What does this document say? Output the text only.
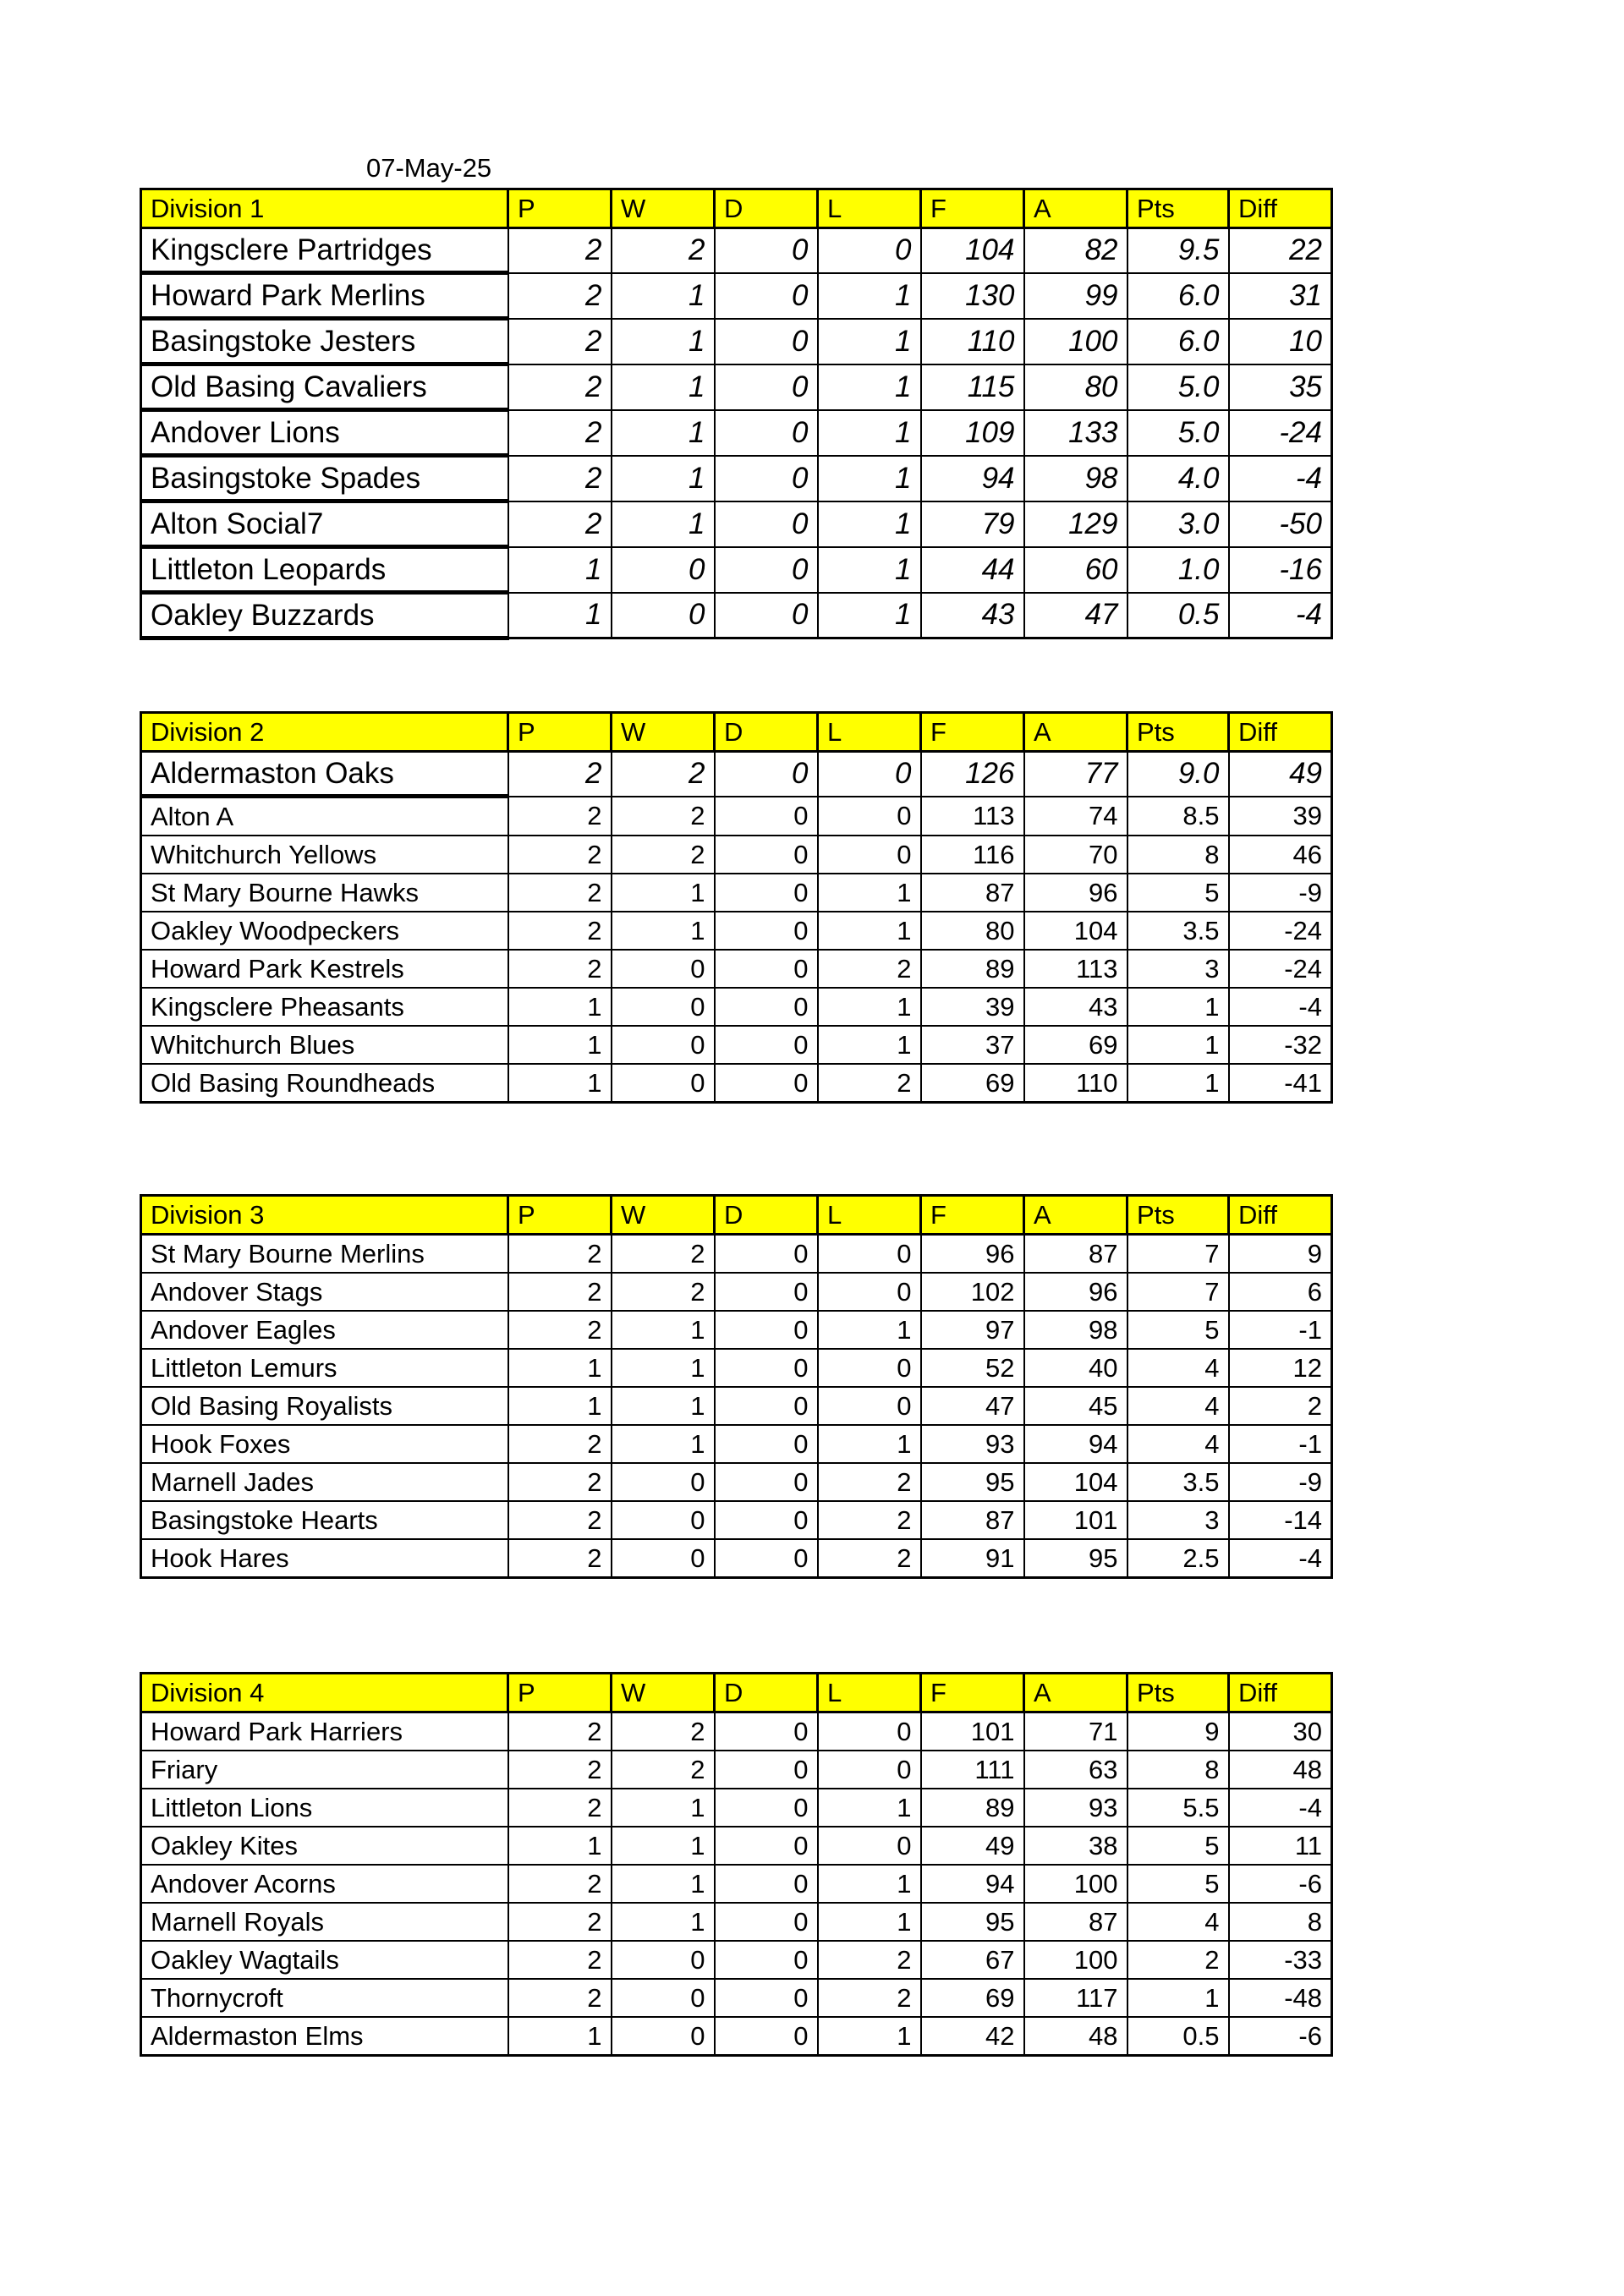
07-May-25
Division 1	P	W	D	L	F	A	Pts	Diff
Kingsclere Partridges	2	2	0	0	104	82	9.5	22
Howard Park Merlins	2	1	0	1	130	99	6.0	31
Basingstoke Jesters	2	1	0	1	110	100	6.0	10
Old Basing Cavaliers	2	1	0	1	115	80	5.0	35
Andover Lions	2	1	0	1	109	133	5.0	-24
Basingstoke Spades	2	1	0	1	94	98	4.0	-4
Alton Social7	2	1	0	1	79	129	3.0	-50
Littleton Leopards	1	0	0	1	44	60	1.0	-16
Oakley Buzzards	1	0	0	1	43	47	0.5	-4
Division 2	P	W	D	L	F	A	Pts	Diff
Aldermaston Oaks	2	2	0	0	126	77	9.0	49
Alton A	2	2	0	0	113	74	8.5	39
Whitchurch Yellows	2	2	0	0	116	70	8	46
St Mary Bourne Hawks	2	1	0	1	87	96	5	-9
Oakley Woodpeckers	2	1	0	1	80	104	3.5	-24
Howard Park Kestrels	2	0	0	2	89	113	3	-24
Kingsclere Pheasants	1	0	0	1	39	43	1	-4
Whitchurch Blues	1	0	0	1	37	69	1	-32
Old Basing Roundheads	1	0	0	2	69	110	1	-41
Division 3	P	W	D	L	F	A	Pts	Diff
St Mary Bourne Merlins	2	2	0	0	96	87	7	9
Andover Stags	2	2	0	0	102	96	7	6
Andover Eagles	2	1	0	1	97	98	5	-1
Littleton Lemurs	1	1	0	0	52	40	4	12
Old Basing Royalists	1	1	0	0	47	45	4	2
Hook Foxes	2	1	0	1	93	94	4	-1
Marnell Jades	2	0	0	2	95	104	3.5	-9
Basingstoke Hearts	2	0	0	2	87	101	3	-14
Hook Hares	2	0	0	2	91	95	2.5	-4
Division 4	P	W	D	L	F	A	Pts	Diff
Howard Park Harriers	2	2	0	0	101	71	9	30
Friary	2	2	0	0	111	63	8	48
Littleton Lions	2	1	0	1	89	93	5.5	-4
Oakley Kites	1	1	0	0	49	38	5	11
Andover Acorns	2	1	0	1	94	100	5	-6
Marnell Royals	2	1	0	1	95	87	4	8
Oakley Wagtails	2	0	0	2	67	100	2	-33
Thornycroft	2	0	0	2	69	117	1	-48
Aldermaston Elms	1	0	0	1	42	48	0.5	-6
